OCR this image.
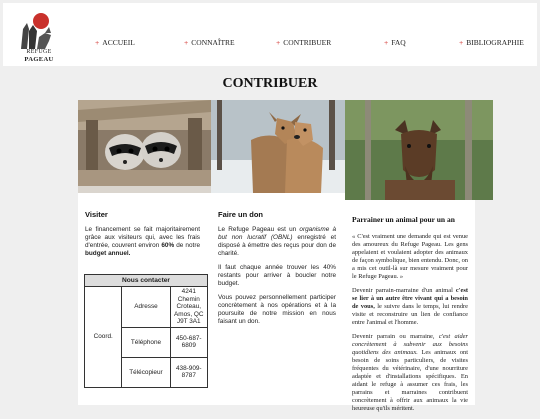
REFUGE
PAGEAU
+ ACCUEIL	+ CONNAÎTRE	+ CONTRIBUER	+ FAQ	+ BIBLIOGRAPHIE
CONTRIBUER
Visiter
Le financement se fait majoritairement grâce aux visiteurs qui, avec les frais d'entrée, couvrent environ 60% de notre budget annuel.
Nous contacter		
Coord.	Adresse	4241 Chemin Croteau, Amos, QC J9T 3A1
	Téléphone	450-687-6809
	Télécopieur	438-909-8787
Faire un don

Le Refuge Pageau est un organisme à but non lucratif (OBNL) enregistré et disposé à émettre des reçus pour don de charité.

Il faut chaque année trouver les 40% restants pour arriver à boucler notre budget.

Vous pouvez personnellement participer concrètement à nos opérations et à la poursuite de notre mission en nous faisant un don.

Parrainer un animal pour un an

« C'est vraiment une demande qui est venue des amoureux du Refuge Pageau. Les gens appelaient et voulaient adopter des animaux de façon symbolique, bien entendu. Donc, on a mis cet outil-là sur mesure vraiment pour le Refuge Pageau. »

Devenir parrain-marraine d'un animal c'est se lier à un autre être vivant qui a besoin de vous, le suivre dans le temps, lui rendre visite et reconstruire un lien de confiance entre l'animal et l'homme.

Devenir parrain ou marraine, c'est aider concrètement à subvenir aux besoins quotidiens des animaux. Les animaux ont besoin de soins particuliers, de visites fréquentes du vétérinaire, d'une nourriture adaptée et d'installations spécifiques. En aidant le refuge à assumer ces frais, les parrains et marraines contribuent concrètement à offrir aux animaux la vie heureuse qu'ils méritent.
